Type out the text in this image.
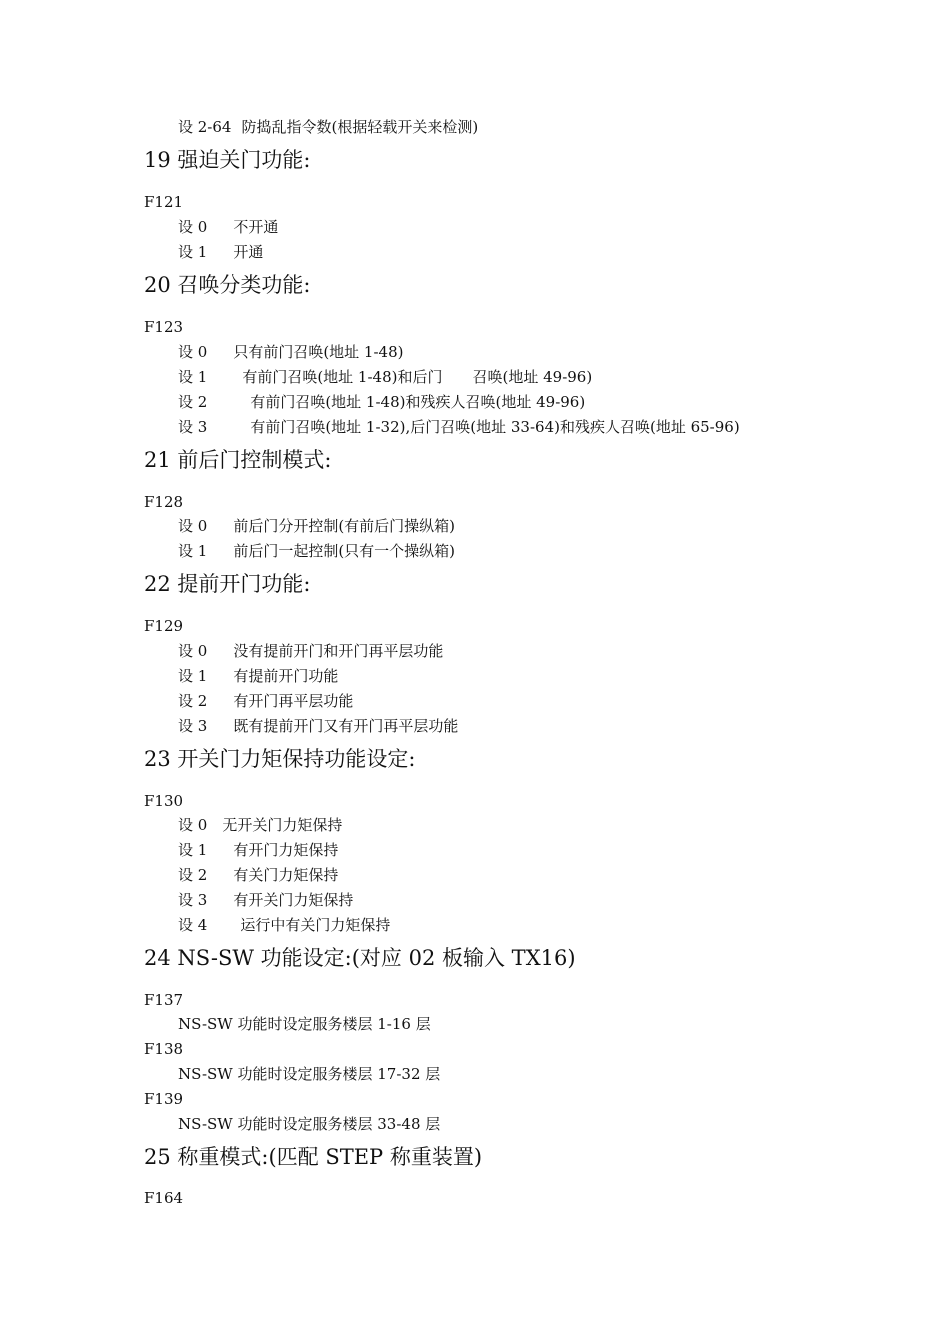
设 2-64 防捣乱指令数(根据轻载开关来检测)
19 强迫关门功能:
F121
设 0 不开通
设 1 开通
20 召唤分类功能:
F123
设 0 只有前门召唤(地址 1-48)
设 1 有前门召唤(地址 1-48)和后门　　召唤(地址 49-96)
设 2	有前门召唤(地址 1-48)和残疾人召唤(地址 49-96)
设 3	有前门召唤(地址 1-32),后门召唤(地址 33-64)和残疾人召唤(地址 65-96)
21 前后门控制模式:
F128
设 0 前后门分开控制(有前后门操纵箱)
设 1 前后门一起控制(只有一个操纵箱)
22 提前开门功能:
F129
设 0 没有提前开门和开门再平层功能
设 1 有提前开门功能
设 2 有开门再平层功能
设 3 既有提前开门又有开门再平层功能
23 开关门力矩保持功能设定:
F130
设 0 无开关门力矩保持
设 1 有开门力矩保持
设 2 有关门力矩保持
设 3 有开关门力矩保持
设 4 运行中有关门力矩保持
24 NS-SW 功能设定:(对应 02 板输入 TX16)
F137
NS-SW 功能时设定服务楼层 1-16 层
F138
NS-SW 功能时设定服务楼层 17-32 层
F139
NS-SW 功能时设定服务楼层 33-48 层
25 称重模式:(匹配 STEP 称重装置)
F164
